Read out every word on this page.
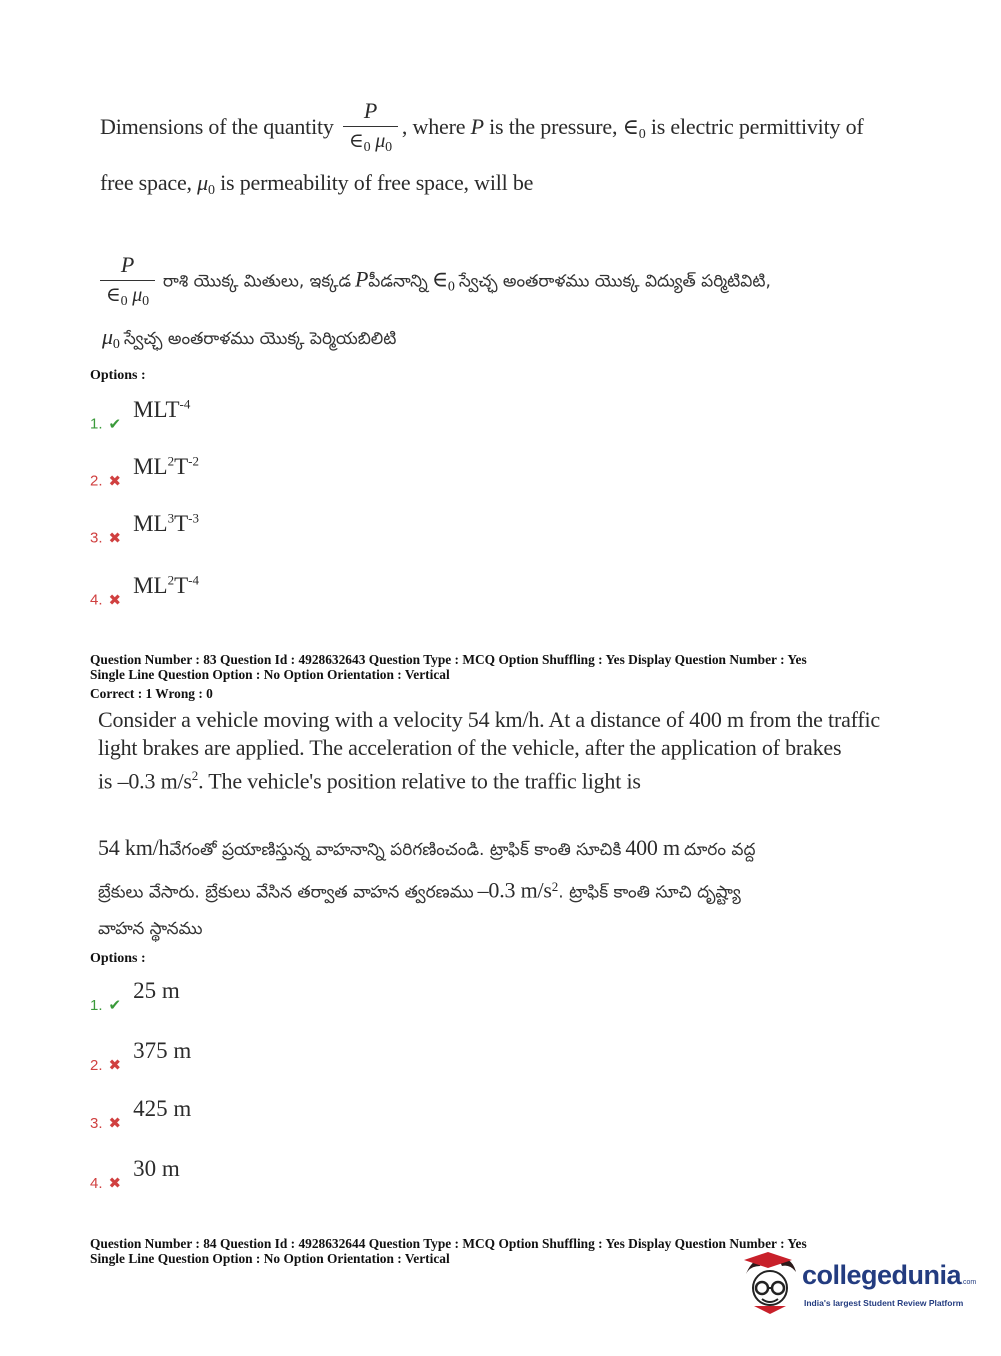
Dimensions of the quantity $\frac{P}{\in_0 \mu_0}$ , where P is the pressure, $\in_0$ is electric permittivity of
free space, $\mu_0$ is permeability of free space, will be
$\frac{P}{\in_0 \mu_0}$ రాశి యొక్క మితులు, ఇక్కడ Pపీడనాన్ని ∈0 స్వేచ్ఛ అంతరాళము యొక్క విద్యుత్ పర్మిటివిటి,
μ0 స్వేచ్ఛ అంతరాళము యొక్క పెర్మియబిలిటి
Options :
1. $✔MLT^{-4}$
2. $✖ML^2T^{-2}$
3. $✖ML^3T^{-3}$
4. $✖ML^2T^{-4}$
Question Number : 83 Question Id : 4928632643 Question Type : MCQ Option Shuffling : Yes Display Question Number : Yes
Single Line Question Option : No Option Orientation : Vertical
Correct : 1 Wrong : 0
Consider a vehicle moving with a velocity 54 km/h. At a distance of 400 m from the traffic
light brakes are applied. The acceleration of the vehicle, after the application of brakes
is –0.3 $m/s^2$. The vehicle's position relative to the traffic light is
54 km/hవేగంతో ప్రయాణిస్తున్న వాహనాన్ని పరిగణించండి. ట్రాఫిక్ కాంతి సూచికి 400 m దూరం వద్ద
బ్రేకులు వేసారు. బ్రేకులు వేసిన తర్వాత వాహన త్వరణము –0.3 $m/s^2$. ట్రాఫిక్ కాంతి సూచి దృష్ట్యా
వాహన స్థానము
Options :
1. ✔25 m
2. ✖375 m
3. ✖425 m
4. ✖30 m
Question Number : 84 Question Id : 4928632644 Question Type : MCQ Option Shuffling : Yes Display Question Number : Yes
Single Line Question Option : No Option Orientation : Vertical
collegedunia.com
India's largest Student Review Platform
